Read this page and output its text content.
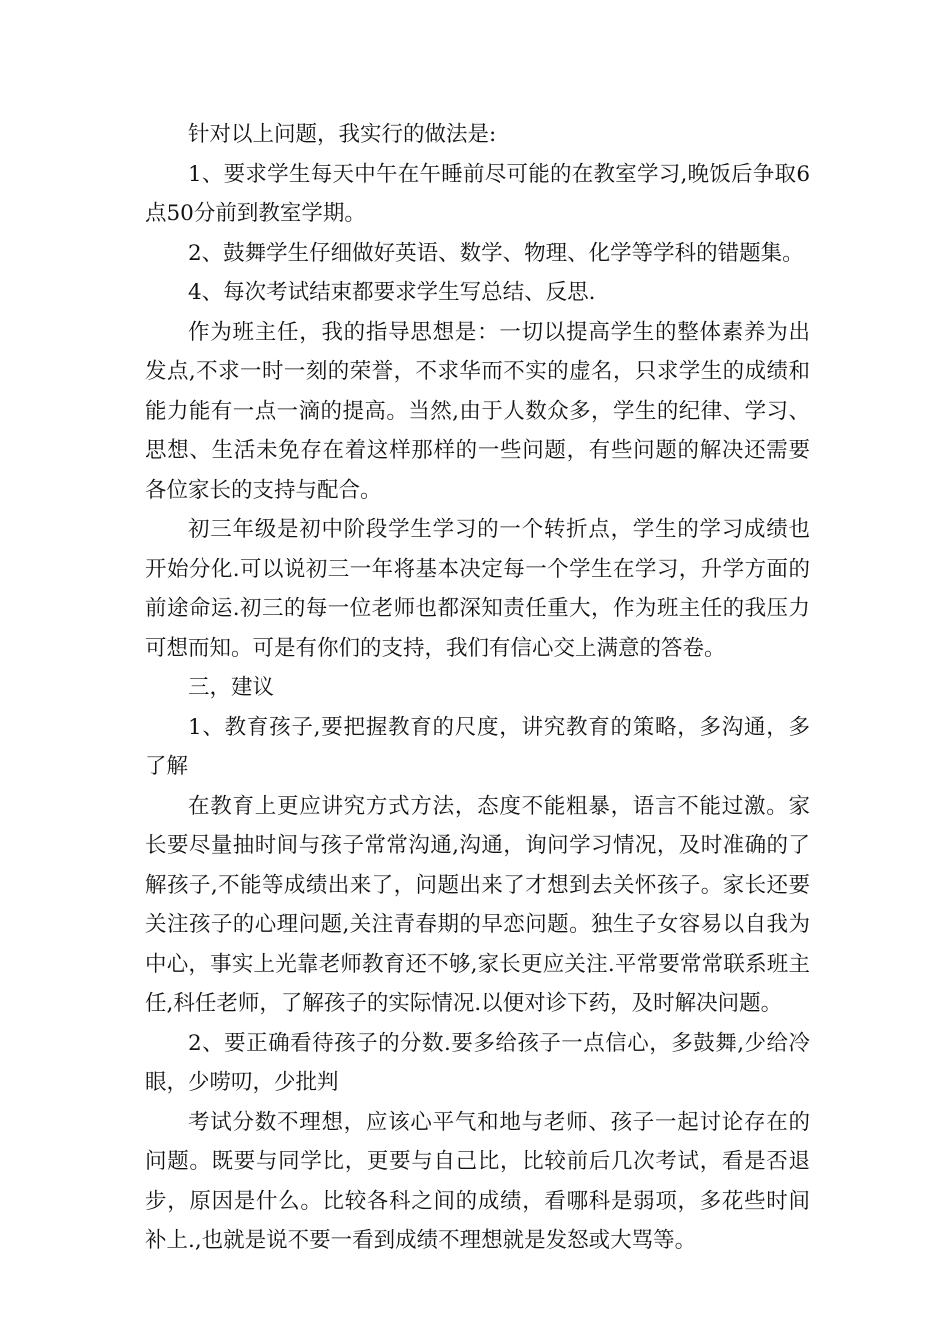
针对以上问题，我实行的做法是:

1、要求学生每天中午在午睡前尽可能的在教室学习,晚饭后争取6点50分前到教室学期。

2、鼓舞学生仔细做好英语、数学、物理、化学等学科的错题集。

4、每次考试结束都要求学生写总结、反思.

作为班主任，我的指导思想是：一切以提高学生的整体素养为出发点,不求一时一刻的荣誉，不求华而不实的虚名，只求学生的成绩和能力能有一点一滴的提高。当然,由于人数众多，学生的纪律、学习、思想、生活未免存在着这样那样的一些问题，有些问题的解决还需要各位家长的支持与配合。

初三年级是初中阶段学生学习的一个转折点，学生的学习成绩也开始分化.可以说初三一年将基本决定每一个学生在学习，升学方面的前途命运.初三的每一位老师也都深知责任重大，作为班主任的我压力可想而知。可是有你们的支持，我们有信心交上满意的答卷。

三，建议

1、教育孩子,要把握教育的尺度，讲究教育的策略，多沟通，多了解

在教育上更应讲究方式方法，态度不能粗暴，语言不能过激。家长要尽量抽时间与孩子常常沟通,沟通，询问学习情况，及时准确的了解孩子,不能等成绩出来了，问题出来了才想到去关怀孩子。家长还要关注孩子的心理问题,关注青春期的早恋问题。独生子女容易以自我为中心，事实上光靠老师教育还不够,家长更应关注.平常要常常联系班主任,科任老师，了解孩子的实际情况.以便对诊下药，及时解决问题。

2、要正确看待孩子的分数.要多给孩子一点信心，多鼓舞,少给冷眼，少唠叨，少批判

考试分数不理想，应该心平气和地与老师、孩子一起讨论存在的问题。既要与同学比，更要与自己比，比较前后几次考试，看是否退步，原因是什么。比较各科之间的成绩，看哪科是弱项，多花些时间补上.,也就是说不要一看到成绩不理想就是发怒或大骂等。
